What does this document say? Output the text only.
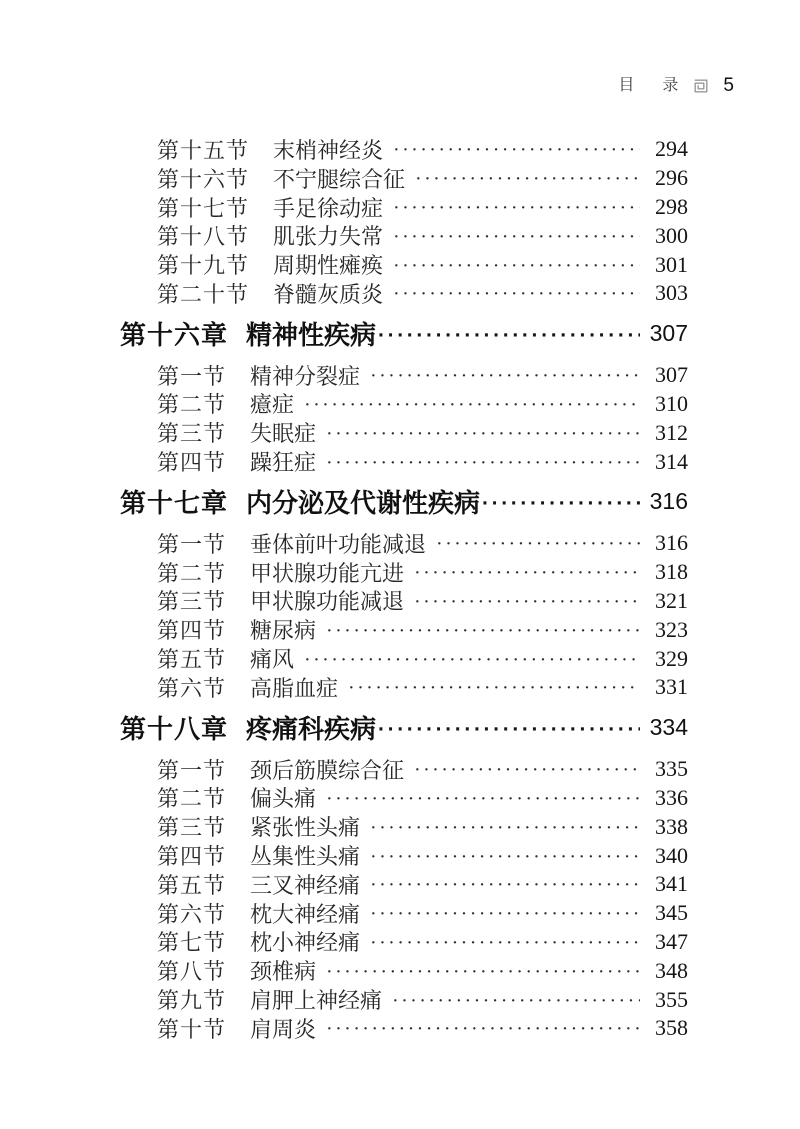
目 录 5
第十五节 末梢神经炎 ·····	294
第十六节 不宁腿综合征 ·····	296
第十七节 手足徐动症 ·····	298
第十八节 肌张力失常 ·····	300
第十九节 周期性瘫痪 ·····	301
第二十节 脊髓灰质炎 ·····	303
第十六章 精神性疾病 ·····	307
第一节 精神分裂症 ·····	307
第二节 癔症 ·····	310
第三节 失眠症 ·····	312
第四节 躁狂症 ·····	314
第十七章 内分泌及代谢性疾病 ·····	316
第一节 垂体前叶功能减退 ·····	316
第二节 甲状腺功能亢进 ·····	318
第三节 甲状腺功能减退 ·····	321
第四节 糖尿病 ·····	323
第五节 痛风 ·····	329
第六节 高脂血症 ·····	331
第十八章 疼痛科疾病 ·····	334
第一节 颈后筋膜综合征 ·····	335
第二节 偏头痛 ·····	336
第三节 紧张性头痛 ·····	338
第四节 丛集性头痛 ·····	340
第五节 三叉神经痛 ·····	341
第六节 枕大神经痛 ·····	345
第七节 枕小神经痛 ·····	347
第八节 颈椎病 ·····	348
第九节 肩胛上神经痛 ·····	355
第十节 肩周炎 ·····	358
